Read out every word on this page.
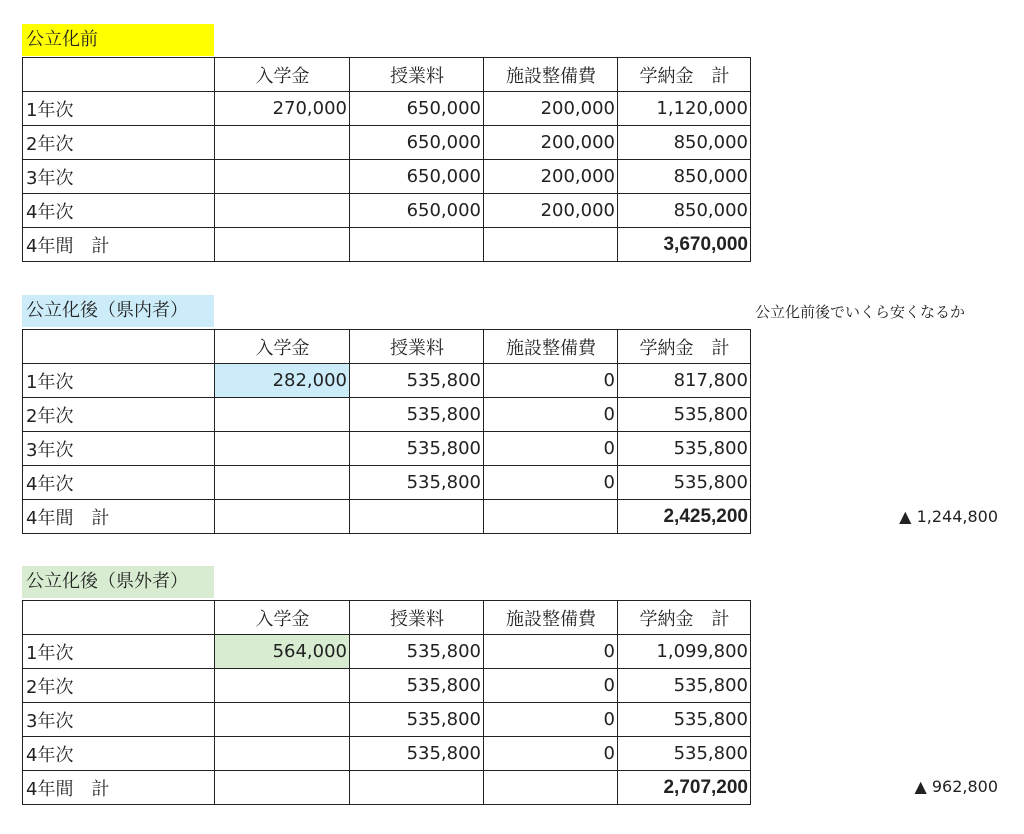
公立化前
	入学金	授業料	施設整備費	学納金　計
1年次	270,000	650,000	200,000	1,120,000
2年次		650,000	200,000	850,000
3年次		650,000	200,000	850,000
4年次		650,000	200,000	850,000
4年間　計				3,670,000
公立化後（県内者）	公立化前後でいくら安くなるか
	入学金	授業料	施設整備費	学納金　計
1年次	282,000	535,800	0	817,800
2年次		535,800	0	535,800
3年次		535,800	0	535,800
4年次		535,800	0	535,800
4年間　計				2,425,200	▲ 1,244,800
公立化後（県外者）
	入学金	授業料	施設整備費	学納金　計
1年次	564,000	535,800	0	1,099,800
2年次		535,800	0	535,800
3年次		535,800	0	535,800
4年次		535,800	0	535,800
4年間　計				2,707,200	▲ 962,800
